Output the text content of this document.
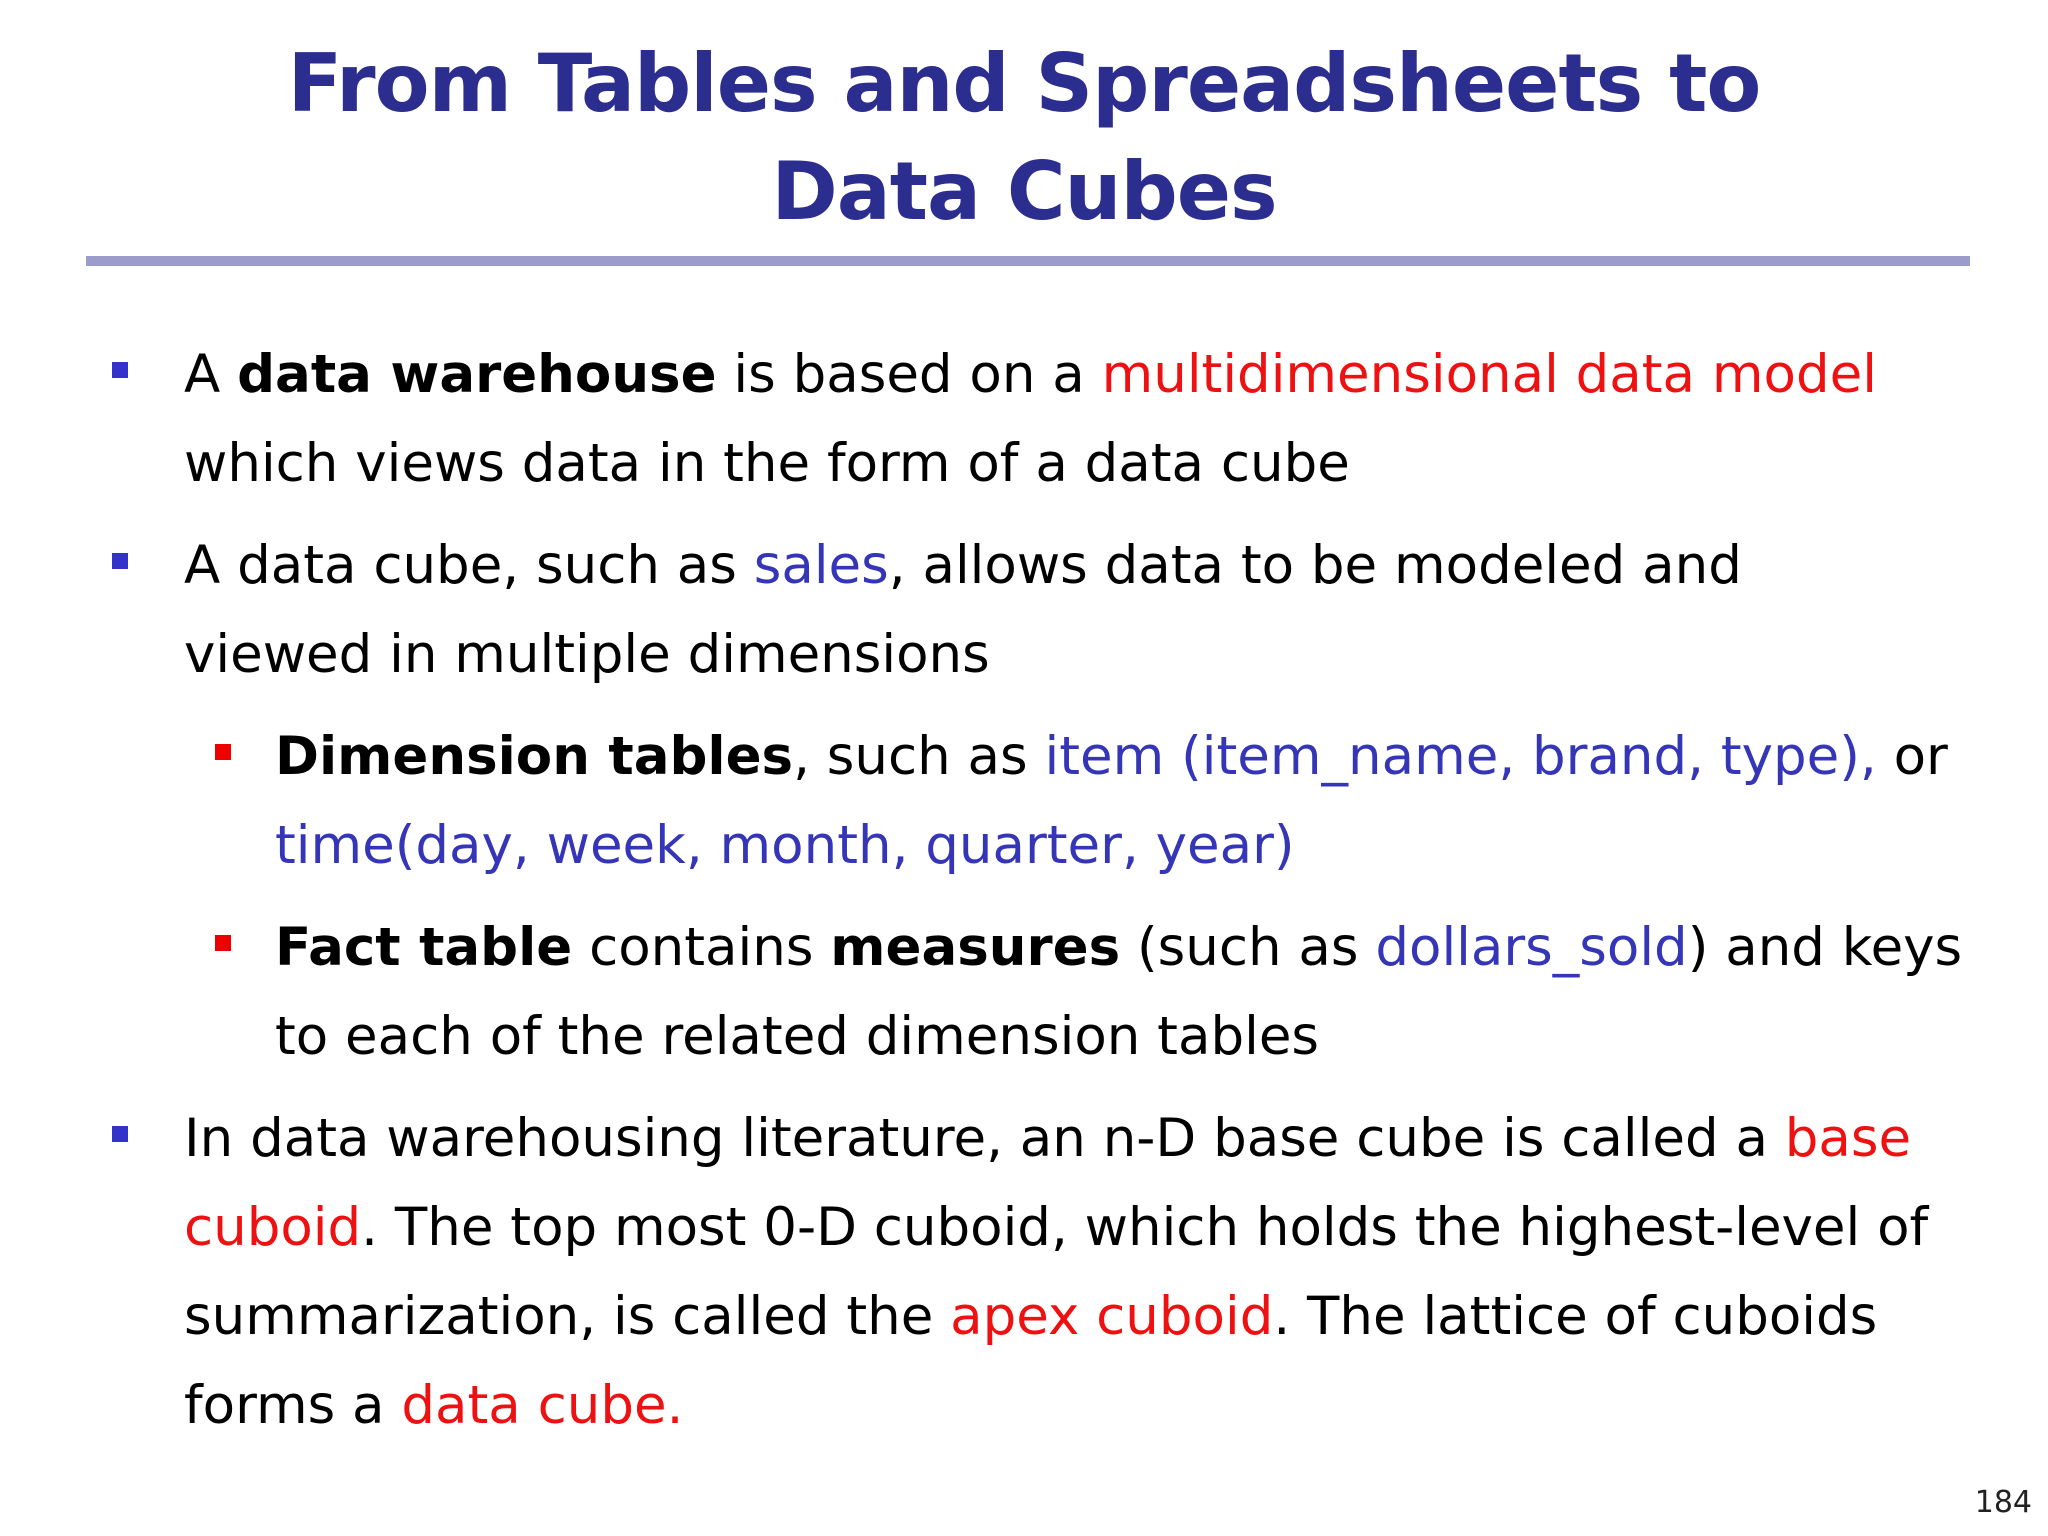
From Tables and Spreadsheets to
Data Cubes
A data warehouse is based on a multidimensional data model which views data in the form of a data cube
A data cube, such as sales, allows data to be modeled and viewed in multiple dimensions
Dimension tables, such as item (item_name, brand, type), or time(day, week, month, quarter, year)
Fact table contains measures (such as dollars_sold) and keys to each of the related dimension tables
In data warehousing literature, an n-D base cube is called a base cuboid. The top most 0-D cuboid, which holds the highest-level of summarization, is called the apex cuboid. The lattice of cuboids forms a data cube.
184
